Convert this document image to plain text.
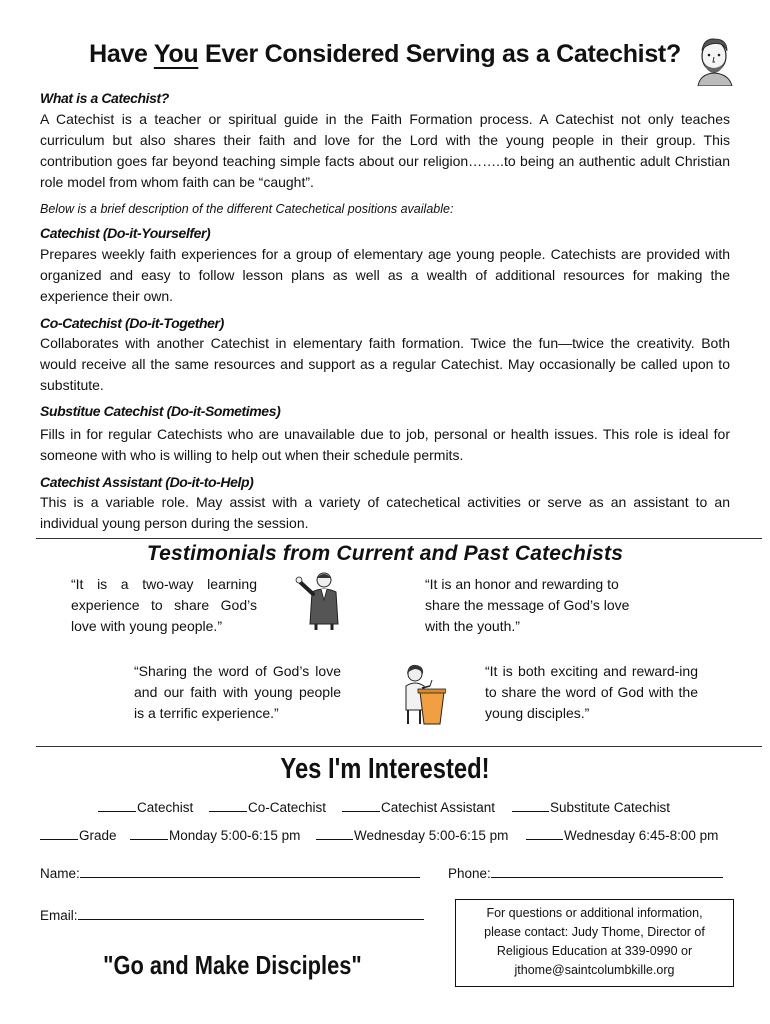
Have You Ever Considered Serving as a Catechist?
What is a Catechist?
A Catechist is a teacher or spiritual guide in the Faith Formation process. A Catechist not only teaches curriculum but also shares their faith and love for the Lord with the young people in their group. This contribution goes far beyond teaching simple facts about our religion……..to being an authentic adult Christian role model from whom faith can be “caught”.
Below is a brief description of the different Catechetical positions available:
Catechist (Do-it-Yourselfer)
Prepares weekly faith experiences for a group of elementary age young people. Catechists are provided with organized and easy to follow lesson plans as well as a wealth of additional resources for making the experience their own.
Co-Catechist (Do-it-Together)
Collaborates with another Catechist in elementary faith formation. Twice the fun—twice the creativity. Both would receive all the same resources and support as a regular Catechist. May occasionally be called upon to substitute.
Substitue Catechist (Do-it-Sometimes)
Fills in for regular Catechists who are unavailable due to job, personal or health issues. This role is ideal for someone with who is willing to help out when their schedule permits.
Catechist Assistant (Do-it-to-Help)
This is a variable role. May assist with a variety of catechetical activities or serve as an assistant to an individual young person during the session.
Testimonials from Current and Past Catechists
“It is a two-way learning experience to share God’s love with young people.”
“It is an honor and rewarding to share the message of God’s love with the youth.”
“Sharing the word of God’s love and our faith with young people is a terrific experience.”
“It is both exciting and reward-ing to share the word of God with the young disciples.”
Yes I'm Interested!
Catechist	Co-Catechist	Catechist Assistant	Substitute Catechist
Grade	Monday 5:00-6:15 pm	Wednesday 5:00-6:15 pm	Wednesday 6:45-8:00 pm
Name:	Phone:
Email:	For questions or additional information,
please contact: Judy Thome, Director of
Religious Education at 339-0990 or
jthome@saintcolumbkille.org
"Go and Make Disciples"
